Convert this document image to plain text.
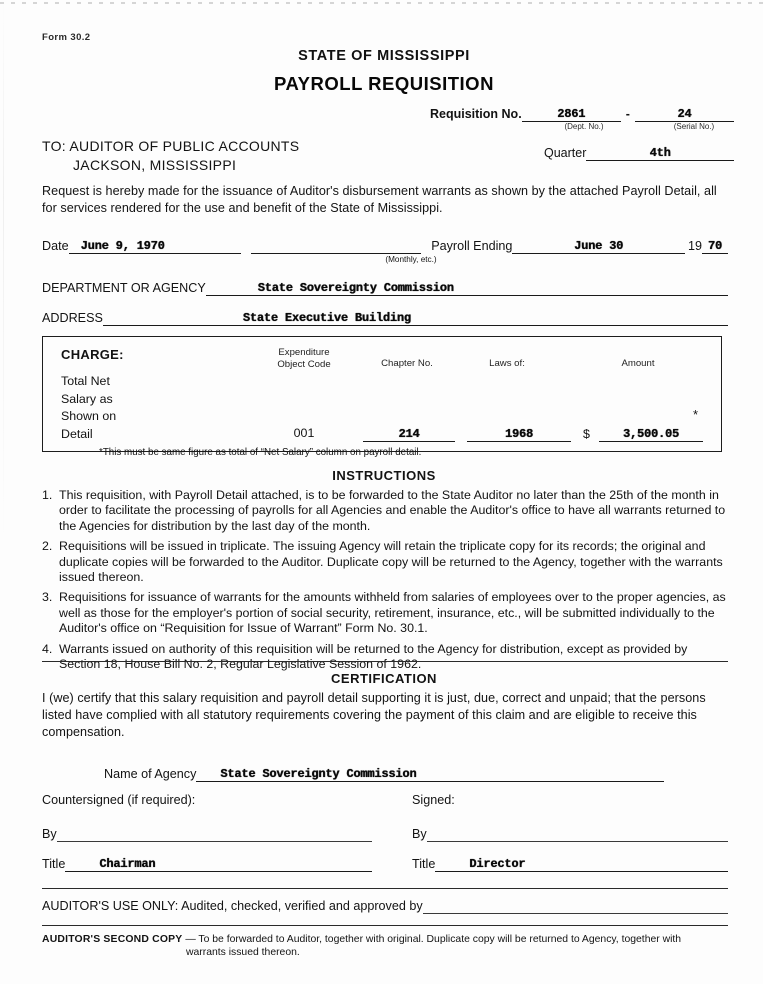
Form 30.2
STATE OF MISSISSIPPI
PAYROLL REQUISITION
Requisition No.	2861	-	24
(Dept. No.)	(Serial No.)
Quarter	4th
TO: AUDITOR OF PUBLIC ACCOUNTS
JACKSON, MISSISSIPPI
Request is hereby made for the issuance of Auditor's disbursement warrants as shown by the attached Payroll Detail, all for services rendered for the use and benefit of the State of Mississippi.
Date June 9, 1970	Payroll Ending	June 30	19 70
(Monthly, etc.)
DEPARTMENT OR AGENCY	State Sovereignty Commission
ADDRESS	State Executive Building
CHARGE:
Total Net
Salary as
Shown on
Detail
Expenditure
Object Code	Chapter No.	Laws of:	Amount
001	214	1968	$	3,500.05
*
*This must be same figure as total of “Net Salary” column on payroll detail.
INSTRUCTIONS
1. This requisition, with Payroll Detail attached, is to be forwarded to the State Auditor no later than the 25th of the month in order to facilitate the processing of payrolls for all Agencies and enable the Auditor's office to have all warrants returned to the Agencies for distribution by the last day of the month.
2. Requisitions will be issued in triplicate. The issuing Agency will retain the triplicate copy for its records; the original and duplicate copies will be forwarded to the Auditor. Duplicate copy will be returned to the Agency, together with the warrants issued thereon.
3. Requisitions for issuance of warrants for the amounts withheld from salaries of employees over to the proper agencies, as well as those for the employer's portion of social security, retirement, insurance, etc., will be submitted individually to the Auditor's office on “Requisition for Issue of Warrant” Form No. 30.1.
4. Warrants issued on authority of this requisition will be returned to the Agency for distribution, except as provided by Section 18, House Bill No. 2, Regular Legislative Session of 1962.
CERTIFICATION
I (we) certify that this salary requisition and payroll detail supporting it is just, due, correct and unpaid; that the persons listed have complied with all statutory requirements covering the payment of this claim and are eligible to receive this compensation.
Name of Agency State Sovereignty Commission
Countersigned (if required):	Signed:
By	By
Title	Chairman	Title	Director
AUDITOR'S USE ONLY: Audited, checked, verified and approved by
AUDITOR'S SECOND COPY — To be forwarded to Auditor, together with original. Duplicate copy will be returned to Agency, together with
warrants issued thereon.
